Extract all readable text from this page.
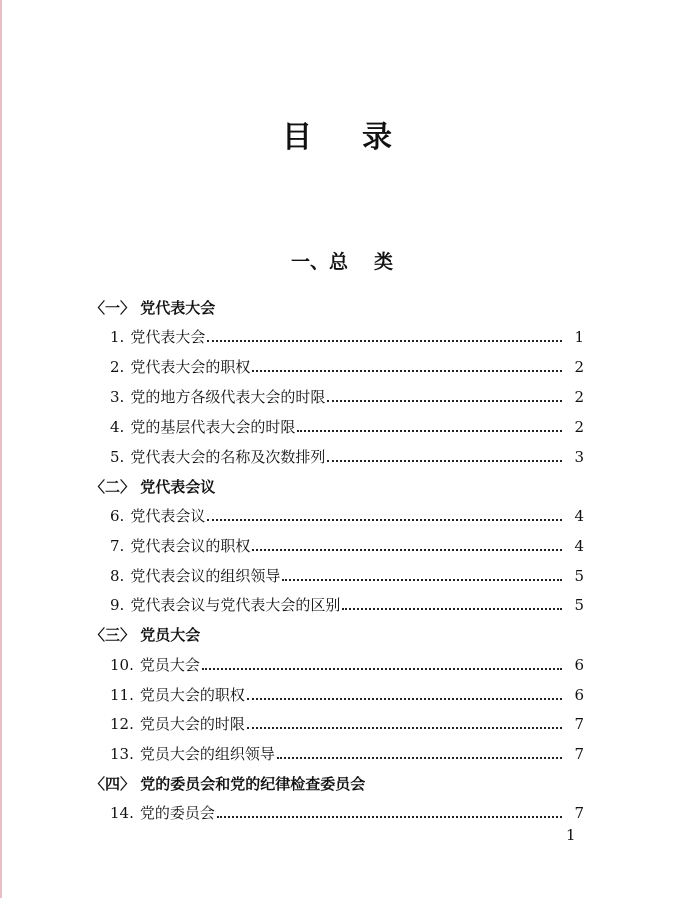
目 录
一、总 类
〈一〉 党代表大会
1. 党代表大会	1
2. 党代表大会的职权	2
3. 党的地方各级代表大会的时限	2
4. 党的基层代表大会的时限	2
5. 党代表大会的名称及次数排列	3
〈二〉 党代表会议
6. 党代表会议	4
7. 党代表会议的职权	4
8. 党代表会议的组织领导	5
9. 党代表会议与党代表大会的区别	5
〈三〉 党员大会
10. 党员大会	6
11. 党员大会的职权	6
12. 党员大会的时限	7
13. 党员大会的组织领导	7
〈四〉 党的委员会和党的纪律检查委员会
14. 党的委员会	7
1
